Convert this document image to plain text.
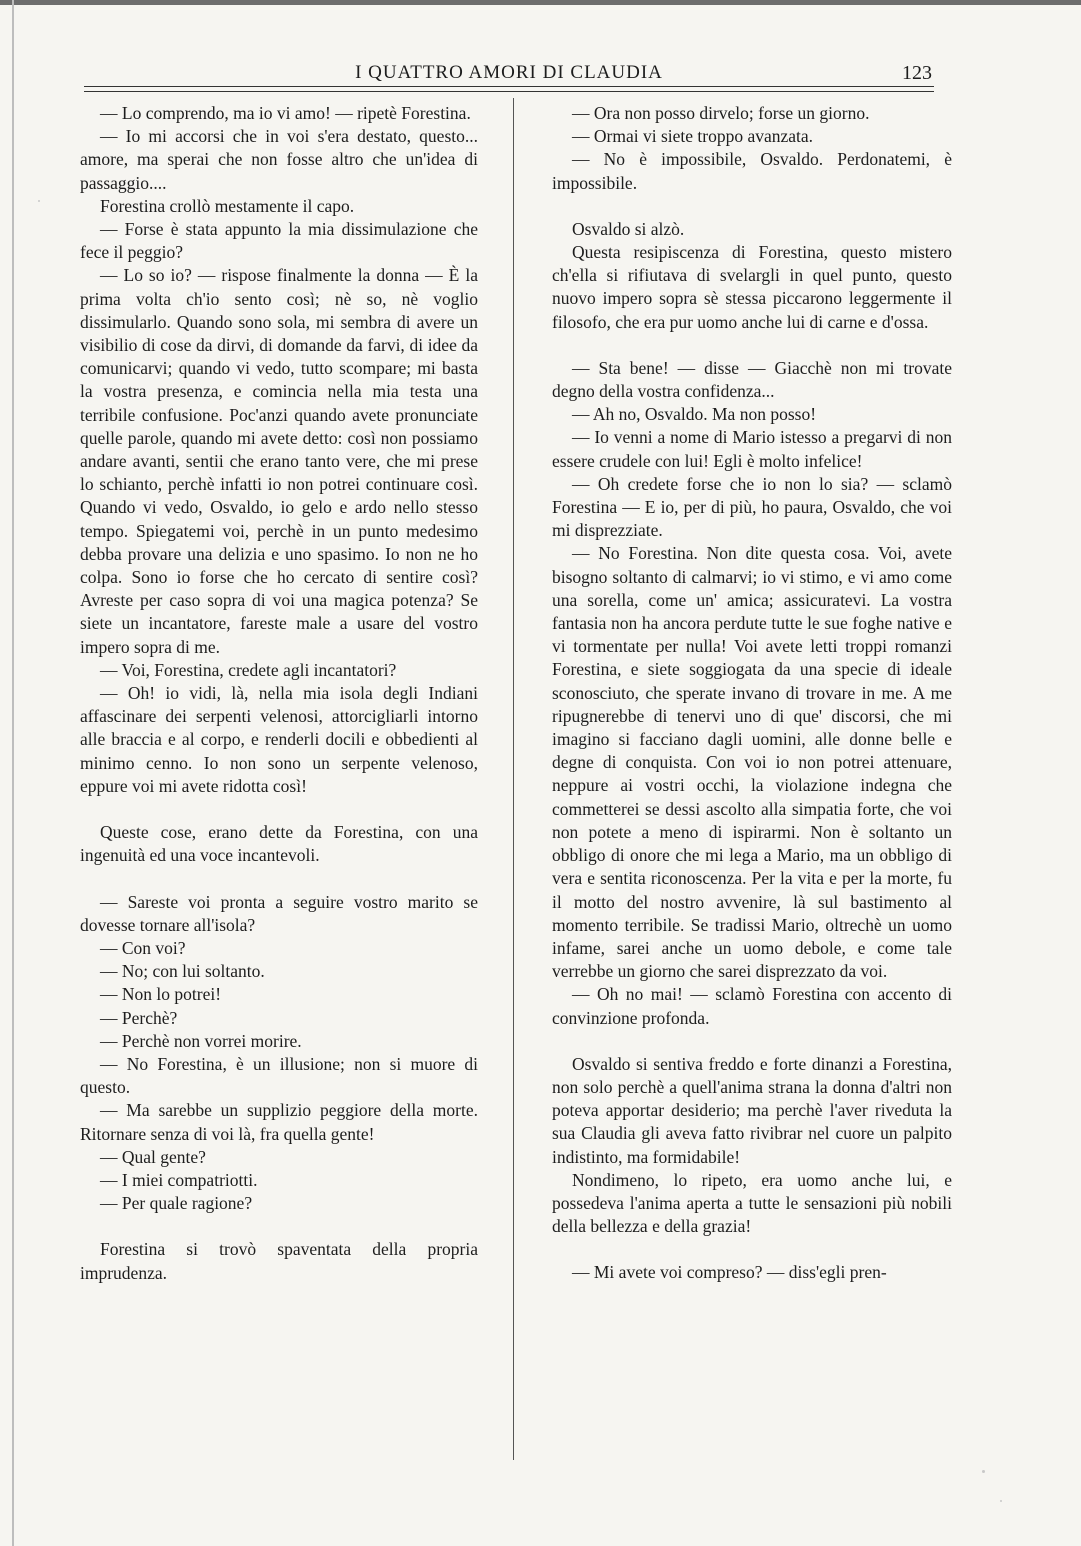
I QUATTRO AMORI DI CLAUDIA	123

— Lo comprendo, ma io vi amo! — ripetè Forestina.

— Io mi accorsi che in voi s'era destato, questo... amore, ma sperai che non fosse altro che un'idea di passaggio....

Forestina crollò mestamente il capo.

— Forse è stata appunto la mia dissimulazione che fece il peggio?

— Lo so io? — rispose finalmente la donna — È la prima volta ch'io sento così; nè so, nè voglio dissimularlo. Quando sono sola, mi sembra di avere un visibilio di cose da dirvi, di domande da farvi, di idee da comunicarvi; quando vi vedo, tutto scompare; mi basta la vostra presenza, e comincia nella mia testa una terribile confusione. Poc'anzi quando avete pronunciate quelle parole, quando mi avete detto: così non possiamo andare avanti, sentii che erano tanto vere, che mi prese lo schianto, perchè infatti io non potrei continuare così. Quando vi vedo, Osvaldo, io gelo e ardo nello stesso tempo. Spiegatemi voi, perchè in un punto medesimo debba provare una delizia e uno spasimo. Io non ne ho colpa. Sono io forse che ho cercato di sentire così? Avreste per caso sopra di voi una magica potenza? Se siete un incantatore, fareste male a usare del vostro impero sopra di me.

— Voi, Forestina, credete agli incantatori?

— Oh! io vidi, là, nella mia isola degli Indiani affascinare dei serpenti velenosi, attorcigliarli intorno alle braccia e al corpo, e renderli docili e obbedienti al minimo cenno. Io non sono un serpente velenoso, eppure voi mi avete ridotta così!

Queste cose, erano dette da Forestina, con una ingenuità ed una voce incantevoli.

— Sareste voi pronta a seguire vostro marito se dovesse tornare all'isola?

— Con voi?

— No; con lui soltanto.

— Non lo potrei!

— Perchè?

— Perchè non vorrei morire.

— No Forestina, è un illusione; non si muore di questo.

— Ma sarebbe un supplizio peggiore della morte. Ritornare senza di voi là, fra quella gente!

— Qual gente?

— I miei compatriotti.

— Per quale ragione?

Forestina si trovò spaventata della propria imprudenza.

— Ora non posso dirvelo; forse un giorno.

— Ormai vi siete troppo avanzata.

— No è impossibile, Osvaldo. Perdonatemi, è impossibile.

Osvaldo si alzò.

Questa resipiscenza di Forestina, questo mistero ch'ella si rifiutava di svelargli in quel punto, questo nuovo impero sopra sè stessa piccarono leggermente il filosofo, che era pur uomo anche lui di carne e d'ossa.

— Sta bene! — disse — Giacchè non mi trovate degno della vostra confidenza...

— Ah no, Osvaldo. Ma non posso!

— Io venni a nome di Mario istesso a pregarvi di non essere crudele con lui! Egli è molto infelice!

— Oh credete forse che io non lo sia? — sclamò Forestina — E io, per di più, ho paura, Osvaldo, che voi mi disprezziate.

— No Forestina. Non dite questa cosa. Voi, avete bisogno soltanto di calmarvi; io vi stimo, e vi amo come una sorella, come un' amica; assicuratevi. La vostra fantasia non ha ancora perdute tutte le sue foghe native e vi tormentate per nulla! Voi avete letti troppi romanzi Forestina, e siete soggiogata da una specie di ideale sconosciuto, che sperate invano di trovare in me. A me ripugnerebbe di tenervi uno di que' discorsi, che mi imagino si facciano dagli uomini, alle donne belle e degne di conquista. Con voi io non potrei attenuare, neppure ai vostri occhi, la violazione indegna che commetterei se dessi ascolto alla simpatia forte, che voi non potete a meno di ispirarmi. Non è soltanto un obbligo di onore che mi lega a Mario, ma un obbligo di vera e sentita riconoscenza. Per la vita e per la morte, fu il motto del nostro avvenire, là sul bastimento al momento terribile. Se tradissi Mario, oltrechè un uomo infame, sarei anche un uomo debole, e come tale verrebbe un giorno che sarei disprezzato da voi.

— Oh no mai! — sclamò Forestina con accento di convinzione profonda.

Osvaldo si sentiva freddo e forte dinanzi a Forestina, non solo perchè a quell'anima strana la donna d'altri non poteva apportar desiderio; ma perchè l'aver riveduta la sua Claudia gli aveva fatto rivibrar nel cuore un palpito indistinto, ma formidabile!

Nondimeno, lo ripeto, era uomo anche lui, e possedeva l'anima aperta a tutte le sensazioni più nobili della bellezza e della grazia!

— Mi avete voi compreso? — diss'egli pren-
